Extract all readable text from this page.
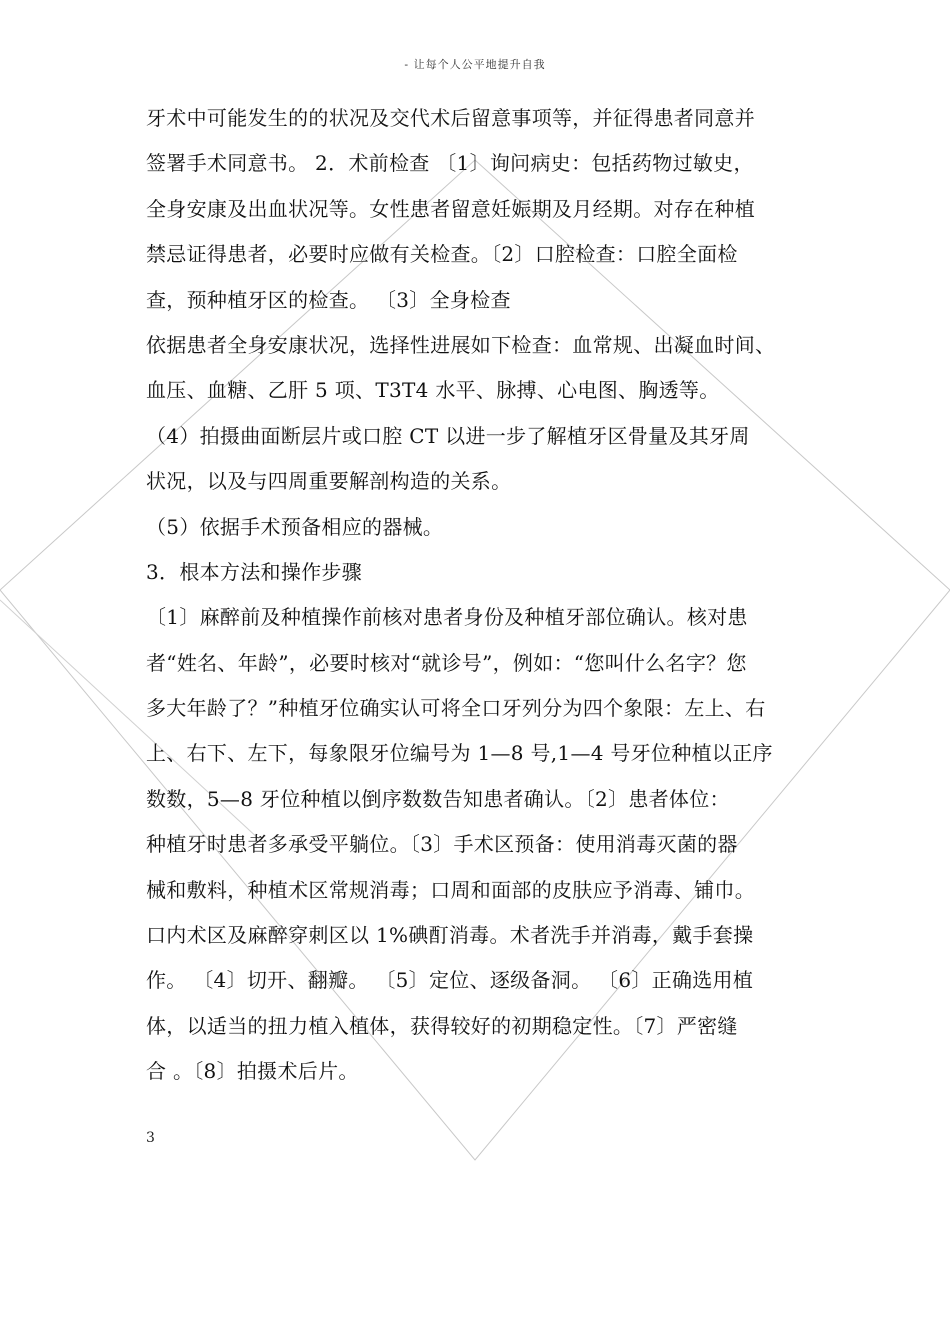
- 让每个人公平地提升自我
牙术中可能发生的的状况及交代术后留意事项等，并征得患者同意并
签署手术同意书。 2．术前检查 〔1〕询问病史：包括药物过敏史，
全身安康及出血状况等。女性患者留意妊娠期及月经期。对存在种植
禁忌证得患者，必要时应做有关检查。〔2〕口腔检查：口腔全面检
查，预种植牙区的检查。 〔3〕全身检查
依据患者全身安康状况，选择性进展如下检查：血常规、出凝血时间、
血压、血糖、乙肝 5 项、T3T4 水平、脉搏、心电图、胸透等。
（4）拍摄曲面断层片或口腔 CT 以进一步了解植牙区骨量及其牙周
状况，以及与四周重要解剖构造的关系。
（5）依据手术预备相应的器械。
3．根本方法和操作步骤
〔1〕麻醉前及种植操作前核对患者身份及种植牙部位确认。核对患
者“姓名、年龄”，必要时核对“就诊号”，例如：“您叫什么名字？您
多大年龄了？”种植牙位确实认可将全口牙列分为四个象限：左上、右
上、右下、左下，每象限牙位编号为 1—8 号,1—4 号牙位种植以正序
数数，5—8 牙位种植以倒序数数告知患者确认。〔2〕患者体位：
种植牙时患者多承受平躺位。〔3〕手术区预备：使用消毒灭菌的器
械和敷料，种植术区常规消毒；口周和面部的皮肤应予消毒、铺巾。
口内术区及麻醉穿刺区以 1%碘酊消毒。术者洗手并消毒，戴手套操
作。 〔4〕切开、翻瓣。 〔5〕定位、逐级备洞。 〔6〕正确选用植
体，以适当的扭力植入植体，获得较好的初期稳定性。〔7〕严密缝
合 。〔8〕拍摄术后片。
3
